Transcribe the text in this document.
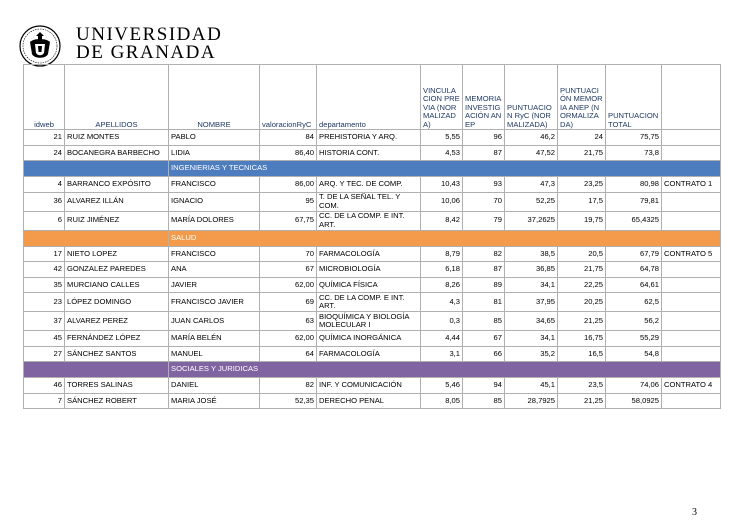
UNIVERSIDAD
DE GRANADA
idweb	APELLIDOS	NOMBRE	valoracionRyC	departamento	VINCULACION PREVIA (NORMALIZADA)	MEMORIA INVESTIGACIÓN ANEP	PUNTUACION RyC (NORMALIZADA)	PUNTUACIÓN MEMORIA ANEP (NORMALIZADA)	PUNTUACION TOTAL	
21	RUIZ MONTES	PABLO	84	PREHISTORIA Y ARQ.	5,55	96	46,2	24	75,75	
24	BOCANEGRA BARBECHO	LIDIA	86,40	HISTORIA CONT.	4,53	87	47,52	21,75	73,8	
		INGENIERIAS Y TECNICAS								
4	BARRANCO EXPÓSITO	FRANCISCO	86,00	ARQ. Y TEC. DE COMP.	10,43	93	47,3	23,25	80,98	CONTRATO 1
36	ALVAREZ ILLÁN	IGNACIO	95	T. DE LA SEÑAL TEL. Y COM.	10,06	70	52,25	17,5	79,81	
6	RUIZ JIMÉNEZ	MARÍA DOLORES	67,75	CC. DE LA COMP. E INT. ART.	8,42	79	37,2625	19,75	65,4325	
		SALUD								
17	NIETO LOPEZ	FRANCISCO	70	FARMACOLOGÍA	8,79	82	38,5	20,5	67,79	CONTRATO 5
42	GONZALEZ PAREDES	ANA	67	MICROBIOLOGÍA	6,18	87	36,85	21,75	64,78	
35	MURCIANO CALLES	JAVIER	62,00	QUÍMICA FÍSICA	8,26	89	34,1	22,25	64,61	
23	LÓPEZ DOMINGO	FRANCISCO JAVIER	69	CC. DE LA COMP. E INT. ART.	4,3	81	37,95	20,25	62,5	
37	ALVAREZ PEREZ	JUAN CARLOS	63	BIOQUÍMICA Y BIOLOGÍA MOLECULAR I	0,3	85	34,65	21,25	56,2	
45	FERNÁNDEZ LÓPEZ	MARÍA BELÉN	62,00	QUÍMICA INORGÁNICA	4,44	67	34,1	16,75	55,29	
27	SÁNCHEZ SANTOS	MANUEL	64	FARMACOLOGÍA	3,1	66	35,2	16,5	54,8	
		SOCIALES Y JURIDICAS								
46	TORRES SALINAS	DANIEL	82	INF. Y COMUNICACIÓN	5,46	94	45,1	23,5	74,06	CONTRATO 4
7	SÁNCHEZ ROBERT	MARIA JOSÉ	52,35	DERECHO PENAL	8,05	85	28,7925	21,25	58,0925	
3
